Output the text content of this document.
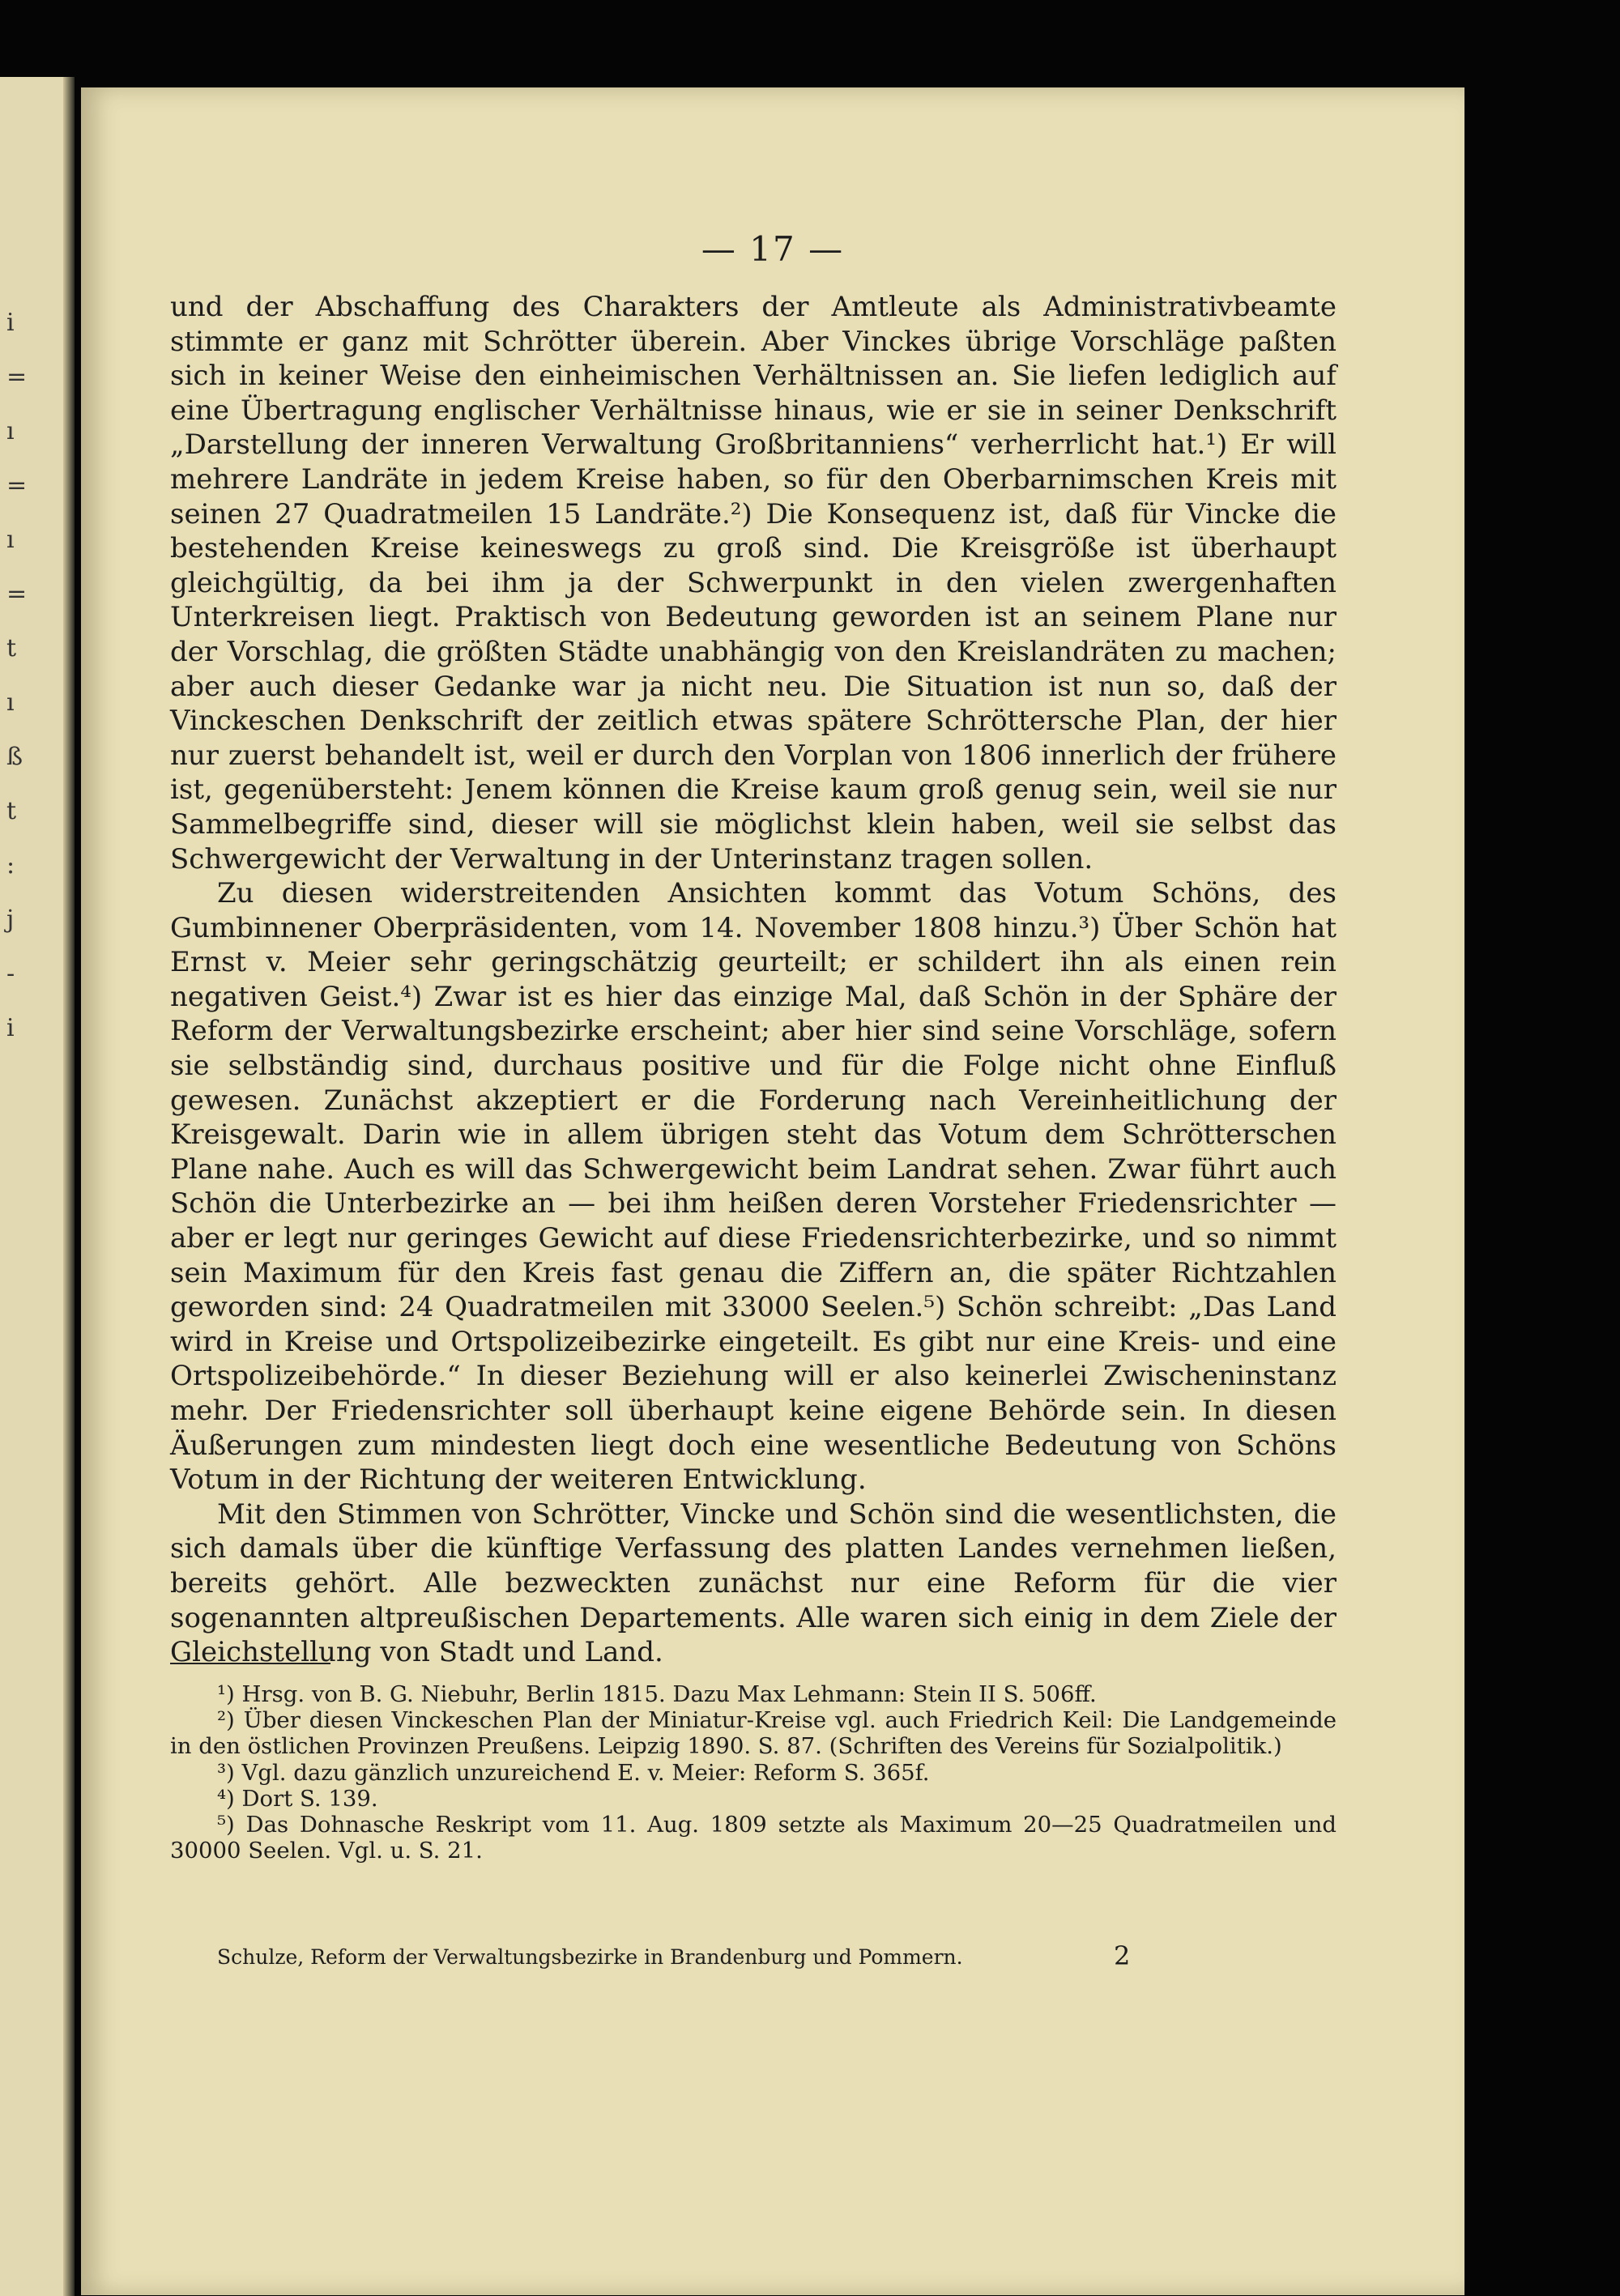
i
=
ı
=
ı
=
t
ı
ß
t
:
j
-
i
— 17 —

und der Abschaffung des Charakters der Amtleute als Administrativbeamte stimmte er ganz mit Schrötter überein. Aber Vinckes übrige Vorschläge paßten sich in keiner Weise den einheimischen Verhältnissen an. Sie liefen lediglich auf eine Übertragung englischer Verhältnisse hinaus, wie er sie in seiner Denkschrift „Darstellung der inneren Verwaltung Großbritanniens“ verherrlicht hat.¹) Er will mehrere Landräte in jedem Kreise haben, so für den Oberbarnimschen Kreis mit seinen 27 Quadratmeilen 15 Landräte.²) Die Konsequenz ist, daß für Vincke die bestehenden Kreise keineswegs zu groß sind. Die Kreisgröße ist überhaupt gleichgültig, da bei ihm ja der Schwerpunkt in den vielen zwergenhaften Unterkreisen liegt. Praktisch von Bedeutung geworden ist an seinem Plane nur der Vorschlag, die größten Städte unabhängig von den Kreislandräten zu machen; aber auch dieser Gedanke war ja nicht neu. Die Situation ist nun so, daß der Vinckeschen Denkschrift der zeitlich etwas spätere Schröttersche Plan, der hier nur zuerst behandelt ist, weil er durch den Vorplan von 1806 innerlich der frühere ist, gegenübersteht: Jenem können die Kreise kaum groß genug sein, weil sie nur Sammelbegriffe sind, dieser will sie möglichst klein haben, weil sie selbst das Schwergewicht der Verwaltung in der Unterinstanz tragen sollen.

Zu diesen widerstreitenden Ansichten kommt das Votum Schöns, des Gumbinnener Oberpräsidenten, vom 14. November 1808 hinzu.³) Über Schön hat Ernst v. Meier sehr geringschätzig geurteilt; er schildert ihn als einen rein negativen Geist.⁴) Zwar ist es hier das einzige Mal, daß Schön in der Sphäre der Reform der Verwaltungsbezirke erscheint; aber hier sind seine Vorschläge, sofern sie selbständig sind, durchaus positive und für die Folge nicht ohne Einfluß gewesen. Zunächst akzeptiert er die Forderung nach Vereinheitlichung der Kreisgewalt. Darin wie in allem übrigen steht das Votum dem Schrötterschen Plane nahe. Auch es will das Schwergewicht beim Landrat sehen. Zwar führt auch Schön die Unterbezirke an — bei ihm heißen deren Vorsteher Friedensrichter — aber er legt nur geringes Gewicht auf diese Friedensrichterbezirke, und so nimmt sein Maximum für den Kreis fast genau die Ziffern an, die später Richtzahlen geworden sind: 24 Quadratmeilen mit 33000 Seelen.⁵) Schön schreibt: „Das Land wird in Kreise und Ortspolizeibezirke eingeteilt. Es gibt nur eine Kreis- und eine Ortspolizeibehörde.“ In dieser Beziehung will er also keinerlei Zwischeninstanz mehr. Der Friedensrichter soll überhaupt keine eigene Behörde sein. In diesen Äußerungen zum mindesten liegt doch eine wesentliche Bedeutung von Schöns Votum in der Richtung der weiteren Entwicklung.

Mit den Stimmen von Schrötter, Vincke und Schön sind die wesentlichsten, die sich damals über die künftige Verfassung des platten Landes vernehmen ließen, bereits gehört. Alle bezweckten zunächst nur eine Reform für die vier sogenannten altpreußischen Departements. Alle waren sich einig in dem Ziele der Gleichstellung von Stadt und Land.

¹) Hrsg. von B. G. Niebuhr, Berlin 1815. Dazu Max Lehmann: Stein II S. 506ff.

²) Über diesen Vinckeschen Plan der Miniatur-Kreise vgl. auch Friedrich Keil: Die Landgemeinde in den östlichen Provinzen Preußens. Leipzig 1890. S. 87. (Schriften des Vereins für Sozialpolitik.)

³) Vgl. dazu gänzlich unzureichend E. v. Meier: Reform S. 365f.

⁴) Dort S. 139.

⁵) Das Dohnasche Reskript vom 11. Aug. 1809 setzte als Maximum 20—25 Quadratmeilen und 30000 Seelen. Vgl. u. S. 21.

Schulze, Reform der Verwaltungsbezirke in Brandenburg und Pommern.	2
